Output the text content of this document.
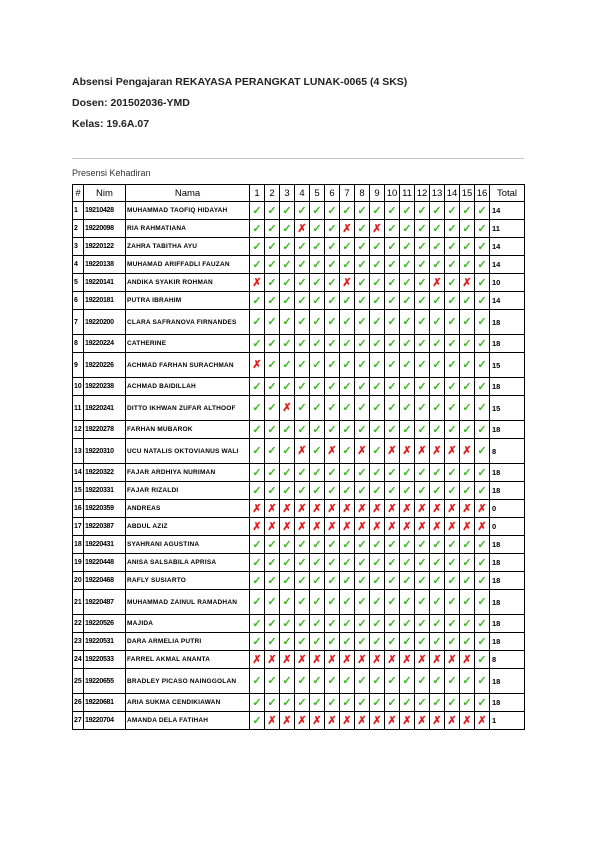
Absensi Pengajaran REKAYASA PERANGKAT LUNAK-0065 (4 SKS)
Dosen: 201502036-YMD
Kelas: 19.6A.07
Presensi Kehadiran
#	Nim	Nama	1	2	3	4	5	6	7	8	9	10	11	12	13	14	15	16	Total
1	19210428	MUHAMMAD TAOFIQ HIDAYAH	✓	✓	✓	✓	✓	✓	✓	✓	✓	✓	✓	✓	✓	✓	✓	✓	14
2	19220098	RIA RAHMATIANA	✓	✓	✓	✗	✓	✓	✗	✓	✗	✓	✓	✓	✓	✓	✓	✓	11
3	19220122	ZAHRA TABITHA AYU	✓	✓	✓	✓	✓	✓	✓	✓	✓	✓	✓	✓	✓	✓	✓	✓	14
4	19220138	MUHAMAD ARIFFADLI FAUZAN	✓	✓	✓	✓	✓	✓	✓	✓	✓	✓	✓	✓	✓	✓	✓	✓	14
5	19220141	ANDIKA SYAKIR ROHMAN	✗	✓	✓	✓	✓	✓	✗	✓	✓	✓	✓	✓	✗	✓	✗	✓	10
6	19220181	PUTRA IBRAHIM	✓	✓	✓	✓	✓	✓	✓	✓	✓	✓	✓	✓	✓	✓	✓	✓	14
7	19220200	CLARA SAFRANOVA FIRNANDES	✓	✓	✓	✓	✓	✓	✓	✓	✓	✓	✓	✓	✓	✓	✓	✓	18
8	19220224	CATHERINE	✓	✓	✓	✓	✓	✓	✓	✓	✓	✓	✓	✓	✓	✓	✓	✓	18
9	19220226	ACHMAD FARHAN SURACHMAN	✗	✓	✓	✓	✓	✓	✓	✓	✓	✓	✓	✓	✓	✓	✓	✓	15
10	19220238	ACHMAD BAIDILLAH	✓	✓	✓	✓	✓	✓	✓	✓	✓	✓	✓	✓	✓	✓	✓	✓	18
11	19220241	DITTO IKHWAN ZUFAR ALTHOOF	✓	✓	✗	✓	✓	✓	✓	✓	✓	✓	✓	✓	✓	✓	✓	✓	15
12	19220278	FARHAN MUBAROK	✓	✓	✓	✓	✓	✓	✓	✓	✓	✓	✓	✓	✓	✓	✓	✓	18
13	19220310	UCU NATALIS OKTOVIANUS WALI	✓	✓	✓	✗	✓	✗	✓	✗	✓	✗	✗	✗	✗	✗	✗	✓	8
14	19220322	FAJAR ARDHIYA NURIMAN	✓	✓	✓	✓	✓	✓	✓	✓	✓	✓	✓	✓	✓	✓	✓	✓	18
15	19220331	FAJAR RIZALDI	✓	✓	✓	✓	✓	✓	✓	✓	✓	✓	✓	✓	✓	✓	✓	✓	18
16	19220359	ANDREAS	✗	✗	✗	✗	✗	✗	✗	✗	✗	✗	✗	✗	✗	✗	✗	✗	0
17	19220387	ABDUL AZIZ	✗	✗	✗	✗	✗	✗	✗	✗	✗	✗	✗	✗	✗	✗	✗	✗	0
18	19220431	SYAHRANI AGUSTINA	✓	✓	✓	✓	✓	✓	✓	✓	✓	✓	✓	✓	✓	✓	✓	✓	18
19	19220448	ANISA SALSABILA APRISA	✓	✓	✓	✓	✓	✓	✓	✓	✓	✓	✓	✓	✓	✓	✓	✓	18
20	19220468	RAFLY SUSIARTO	✓	✓	✓	✓	✓	✓	✓	✓	✓	✓	✓	✓	✓	✓	✓	✓	18
21	19220487	MUHAMMAD ZAINUL RAMADHAN	✓	✓	✓	✓	✓	✓	✓	✓	✓	✓	✓	✓	✓	✓	✓	✓	18
22	19220526	MAJIDA	✓	✓	✓	✓	✓	✓	✓	✓	✓	✓	✓	✓	✓	✓	✓	✓	18
23	19220531	DARA ARMELIA PUTRI	✓	✓	✓	✓	✓	✓	✓	✓	✓	✓	✓	✓	✓	✓	✓	✓	18
24	19220533	FARREL AKMAL ANANTA	✗	✗	✗	✗	✗	✗	✗	✗	✗	✗	✗	✗	✗	✗	✗	✓	8
25	19220655	BRADLEY PICASO NAINGGOLAN	✓	✓	✓	✓	✓	✓	✓	✓	✓	✓	✓	✓	✓	✓	✓	✓	18
26	19220681	ARIA SUKMA CENDIKIAWAN	✓	✓	✓	✓	✓	✓	✓	✓	✓	✓	✓	✓	✓	✓	✓	✓	18
27	19220704	AMANDA DELA FATIHAH	✓	✗	✗	✗	✗	✗	✗	✗	✗	✗	✗	✗	✗	✗	✗	✗	1
